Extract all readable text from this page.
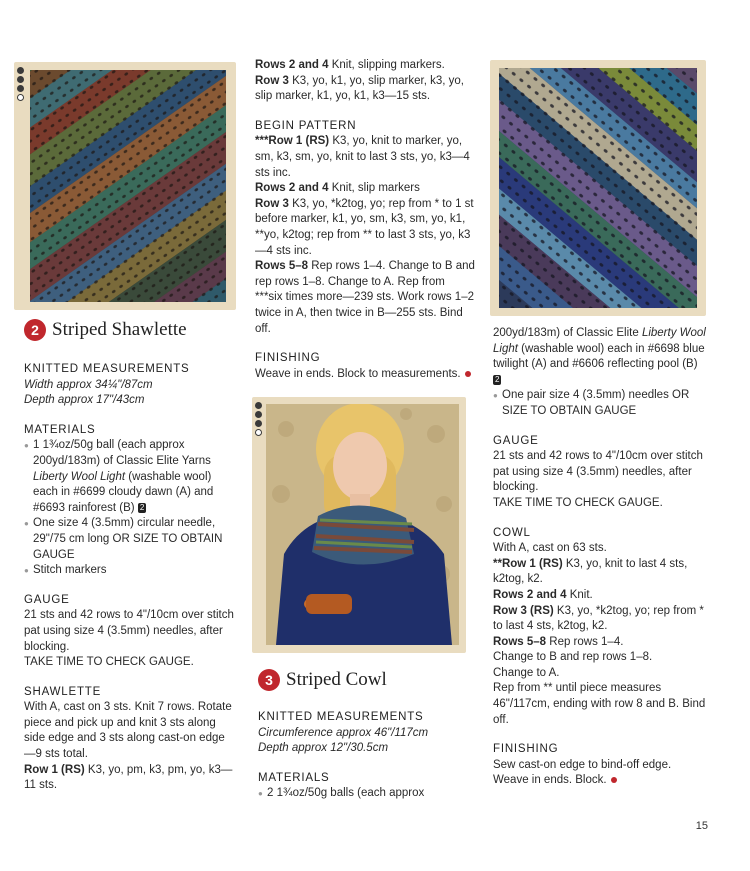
2 Striped Shawlette

KNITTED MEASUREMENTS

Width approx 34¼"/87cm

Depth approx 17"/43cm

MATERIALS

● 1 1¾oz/50g ball (each approx 200yd/183m) of Classic Elite Yarns Liberty Wool Light (washable wool) each in #6699 cloudy dawn (A) and #6693 rainforest (B) 2
● One size 4 (3.5mm) circular needle, 29"/75 cm long OR SIZE TO OBTAIN GAUGE
● Stitch markers

GAUGE

21 sts and 42 rows to 4"/10cm over stitch pat using size 4 (3.5mm) needles, after blocking.

TAKE TIME TO CHECK GAUGE.

SHAWLETTE

With A, cast on 3 sts. Knit 7 rows. Rotate piece and pick up and knit 3 sts along side edge and 3 sts along cast-on edge—9 sts total.

Row 1 (RS) K3, yo, pm, k3, pm, yo, k3—11 sts.

Rows 2 and 4 Knit, slipping markers.

Row 3 K3, yo, k1, yo, slip marker, k3, yo, slip marker, k1, yo, k1, k3—15 sts.

BEGIN PATTERN

***Row 1 (RS) K3, yo, knit to marker, yo, sm, k3, sm, yo, knit to last 3 sts, yo, k3—4 sts inc.

Rows 2 and 4 Knit, slip markers

Row 3 K3, yo, *k2tog, yo; rep from * to 1 st before marker, k1, yo, sm, k3, sm, yo, k1, **yo, k2tog; rep from ** to last 3 sts, yo, k3—4 sts inc.

Rows 5–8 Rep rows 1–4. Change to B and rep rows 1–8. Change to A. Rep from ***six times more—239 sts. Work rows 1–2 twice in A, then twice in B—255 sts. Bind off.

FINISHING

Weave in ends. Block to measurements.

3 Striped Cowl

KNITTED MEASUREMENTS

Circumference approx 46"/117cm

Depth approx 12"/30.5cm

MATERIALS

● 2 1¾oz/50g balls (each approx

200yd/183m) of Classic Elite Liberty Wool Light (washable wool) each in #6698 blue twilight (A) and #6606 reflecting pool (B) 2

● One pair size 4 (3.5mm) needles OR SIZE TO OBTAIN GAUGE

GAUGE

21 sts and 42 rows to 4"/10cm over stitch pat using size 4 (3.5mm) needles, after blocking.

TAKE TIME TO CHECK GAUGE.

COWL

With A, cast on 63 sts.

**Row 1 (RS) K3, yo, knit to last 4 sts, k2tog, k2.

Rows 2 and 4 Knit.

Row 3 (RS) K3, yo, *k2tog, yo; rep from * to last 4 sts, k2tog, k2.

Rows 5–8 Rep rows 1–4.

Change to B and rep rows 1–8.

Change to A.

Rep from ** until piece measures 46"/117cm, ending with row 8 and B. Bind off.

FINISHING

Sew cast-on edge to bind-off edge. Weave in ends. Block.

15
